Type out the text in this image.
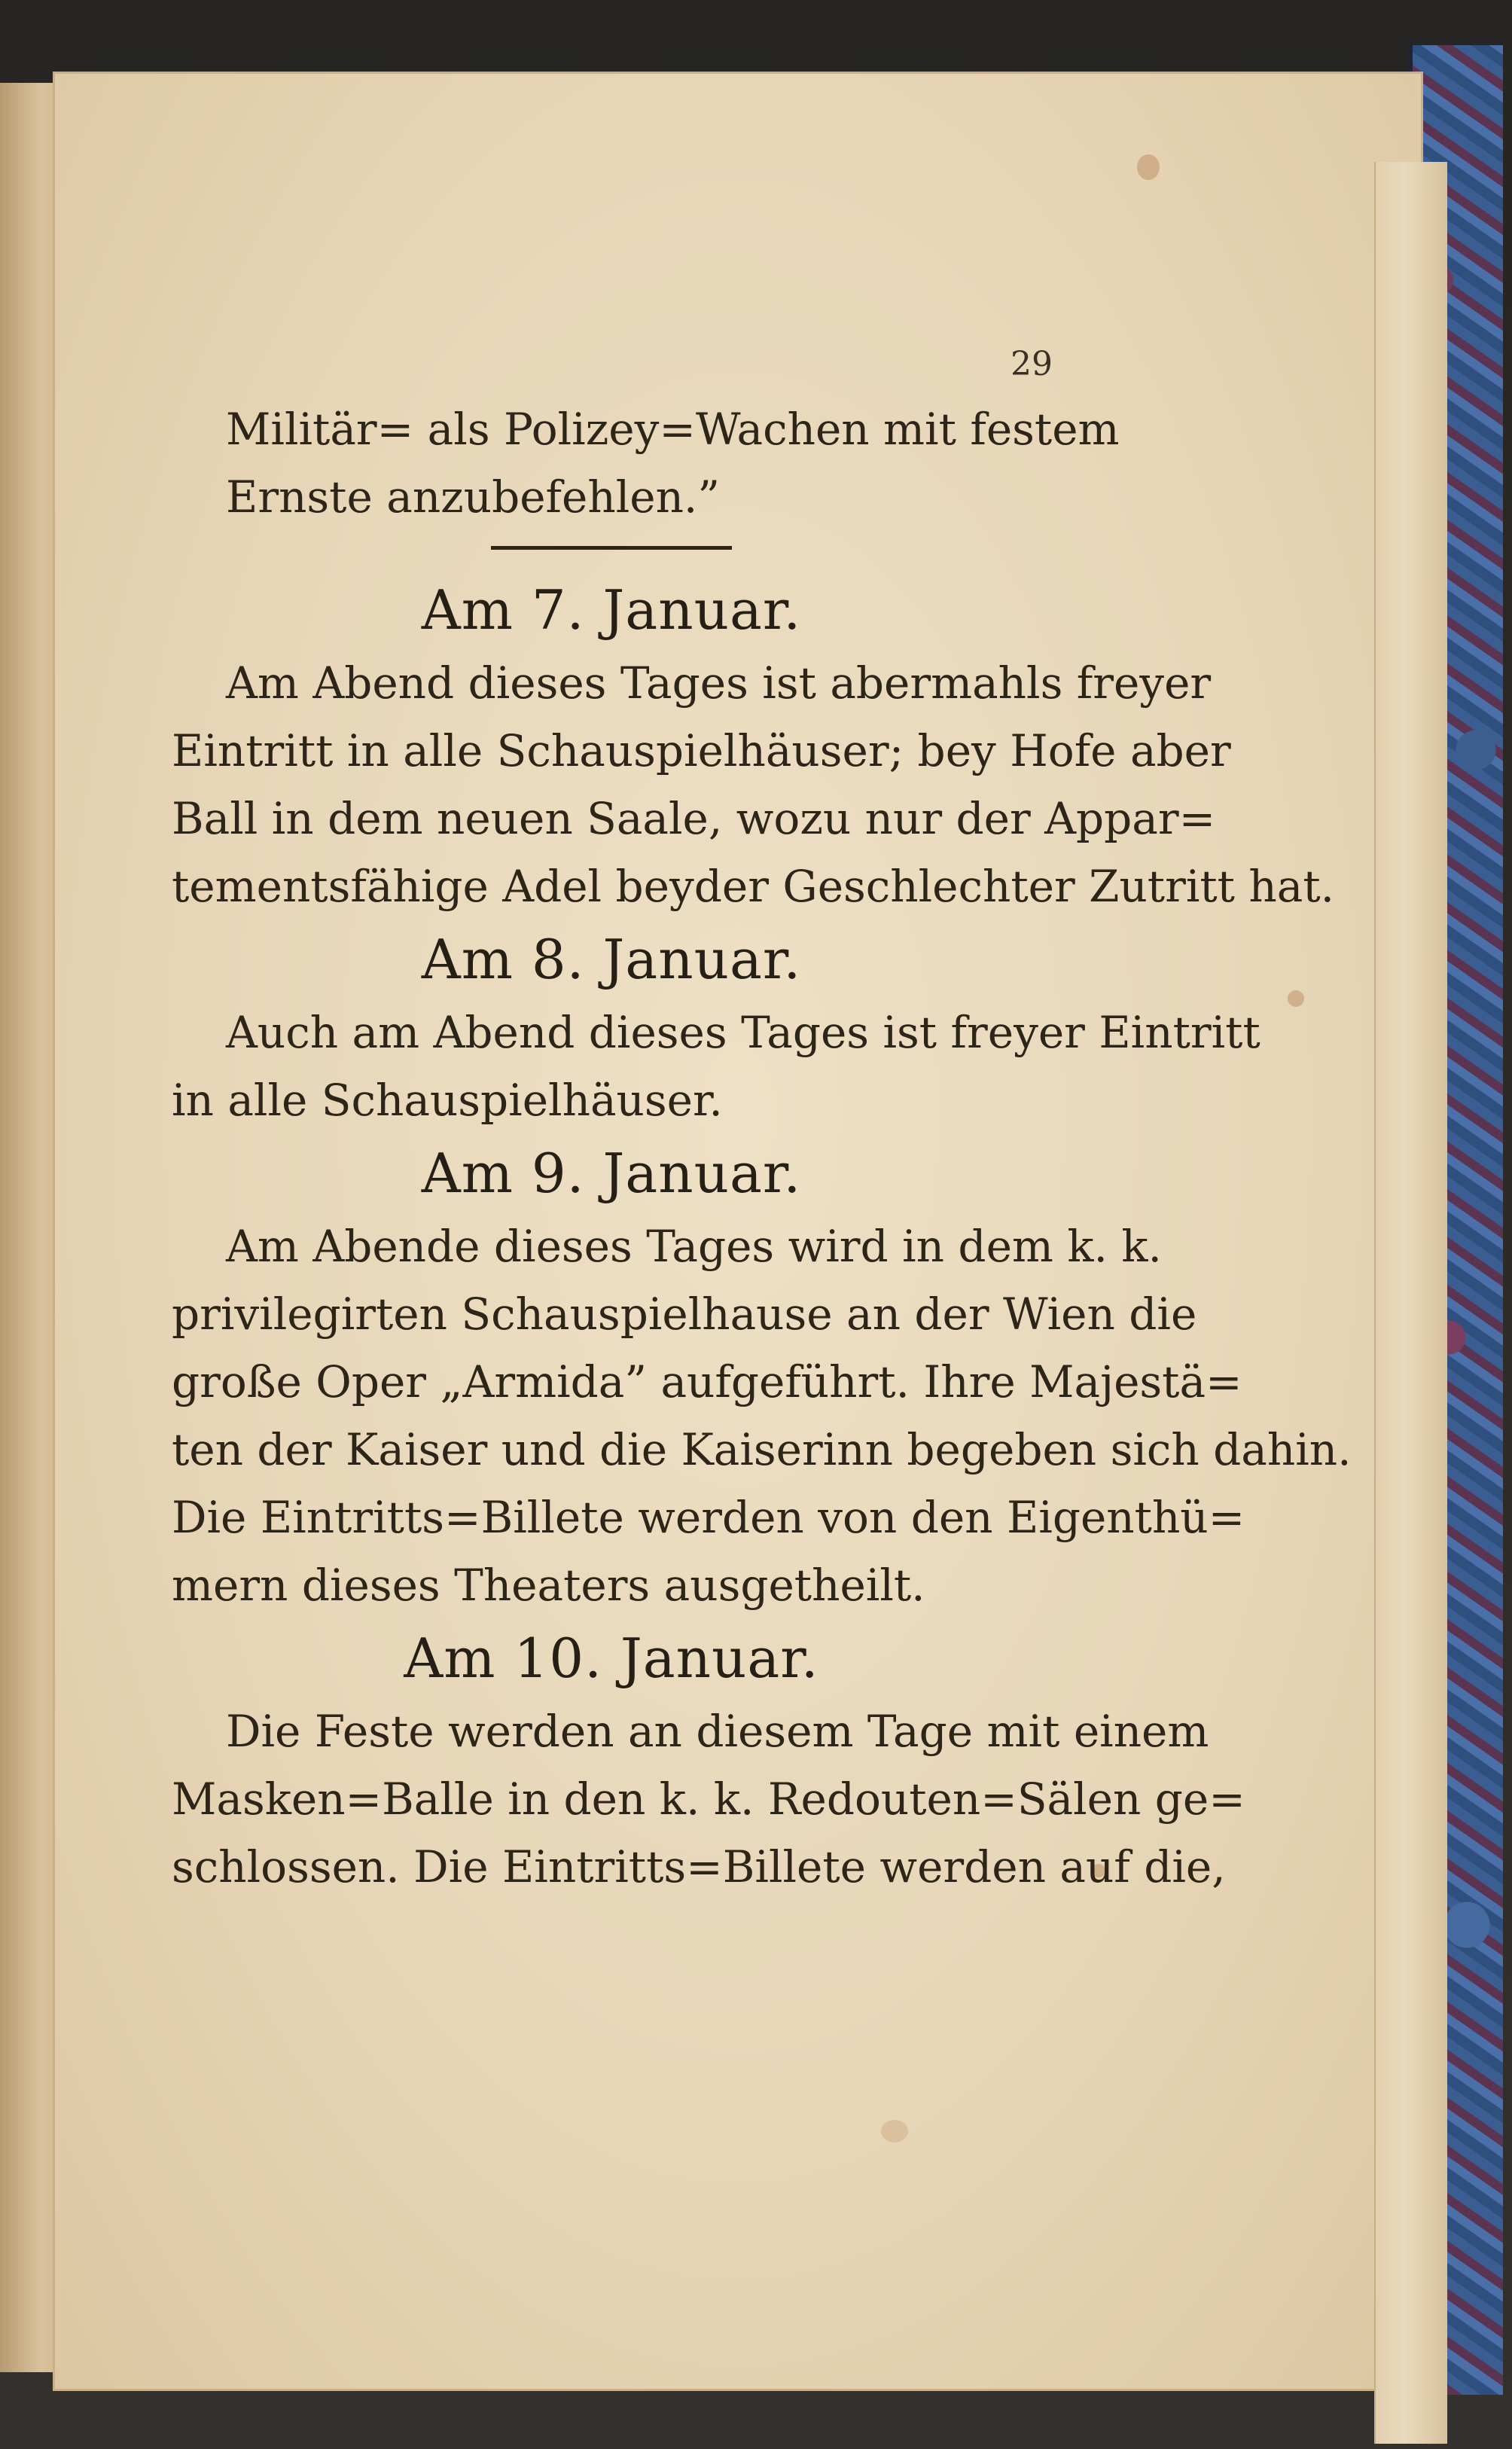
29
Militär= als Polizey=Wachen mit festem
Ernste anzubefehlen.”
Am 7. Januar.
Am Abend dieses Tages ist abermahls freyer
Eintritt in alle Schauspielhäuser; bey Hofe aber
Ball in dem neuen Saale, wozu nur der Appar=
tementsfähige Adel beyder Geschlechter Zutritt hat.
Am 8. Januar.
Auch am Abend dieses Tages ist freyer Eintritt
in alle Schauspielhäuser.
Am 9. Januar.
Am Abende dieses Tages wird in dem k. k.
privilegirten Schauspielhause an der Wien die
große Oper „Armida” aufgeführt. Ihre Majestä=
ten der Kaiser und die Kaiserinn begeben sich dahin.
Die Eintritts=Billete werden von den Eigenthü=
mern dieses Theaters ausgetheilt.
Am 10. Januar.
Die Feste werden an diesem Tage mit einem
Masken=Balle in den k. k. Redouten=Sälen ge=
schlossen. Die Eintritts=Billete werden auf die,
